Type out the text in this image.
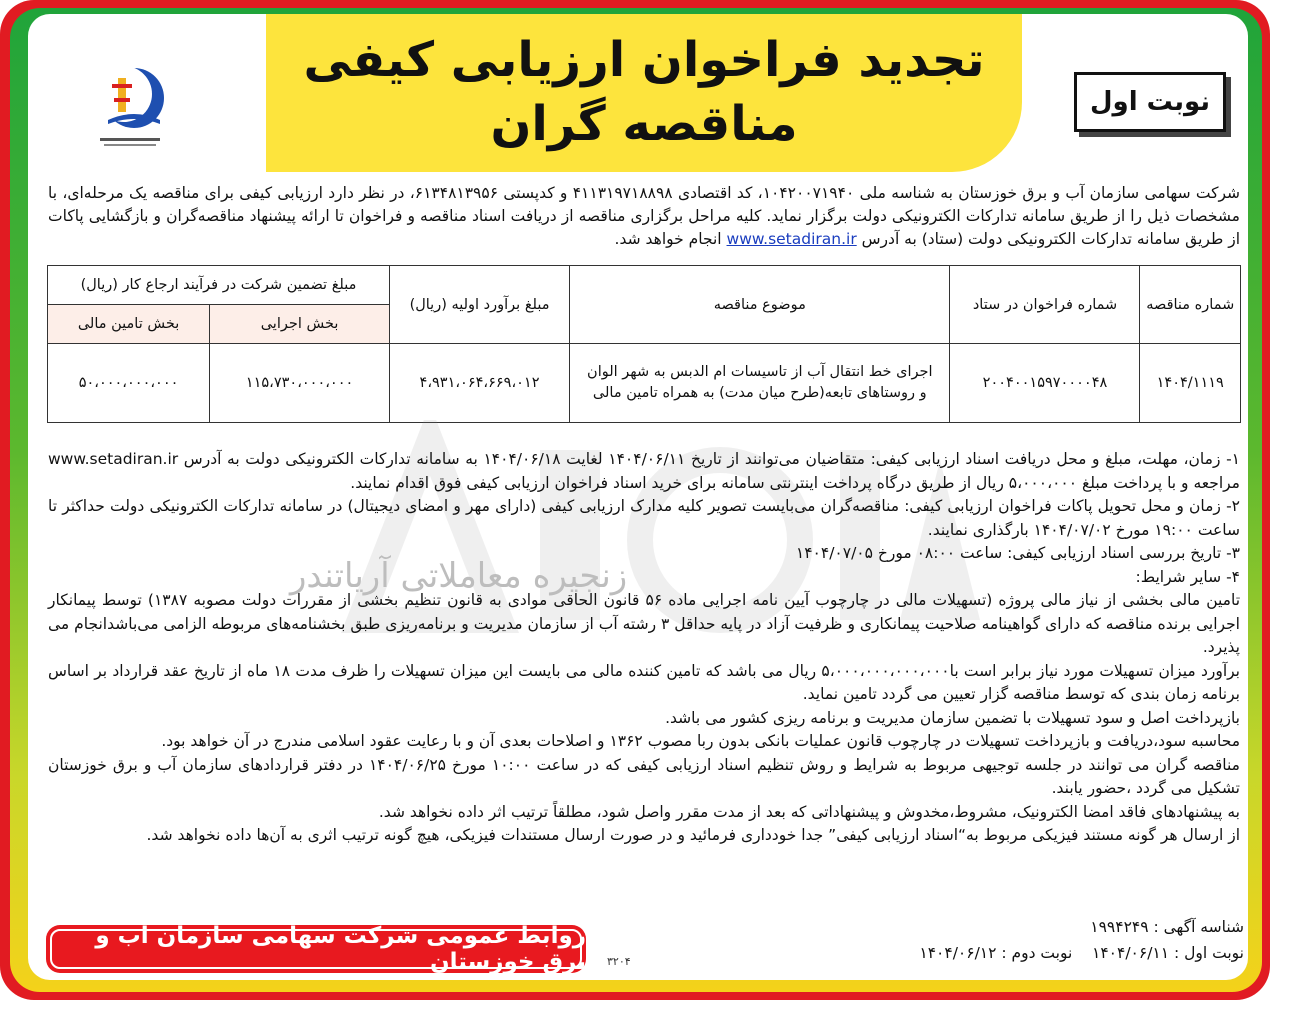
تجدید فراخوان ارزیابی کیفی
مناقصه گران	نوبت اول
شرکت سهامی سازمان آب و برق خوزستان به شناسه ملی ۱۰۴۲۰۰۷۱۹۴۰، کد اقتصادی ۴۱۱۳۱۹۷۱۸۸۹۸ و کدپستی ۶۱۳۴۸۱۳۹۵۶، در نظر دارد ارزیابی کیفی برای مناقصه یک مرحله‌ای، با مشخصات ذیل را از طریق سامانه تدارکات الکترونیکی دولت برگزار نماید. کلیه مراحل برگزاری مناقصه از دریافت اسناد مناقصه و فراخوان تا ارائه پیشنهاد مناقصه‌گران و بازگشایی پاکات از طریق سامانه تدارکات الکترونیکی دولت (ستاد) به آدرس www.setadiran.ir انجام خواهد شد.
شماره مناقصه	شماره فراخوان در ستاد	موضوع مناقصه	مبلغ برآورد اولیه (ریال)	مبلغ تضمین شرکت در فرآیند ارجاع کار (ریال)	
				بخش اجرایی	بخش تامین مالی
۱۴۰۴/۱۱۱۹	۲۰۰۴۰۰۱۵۹۷۰۰۰۰۴۸	اجرای خط انتقال آب از تاسیسات ام الدبس به شهر الوان و روستاهای تابعه(طرح میان مدت) به همراه تامین مالی	۴،۹۳۱،۰۶۴،۶۶۹،۰۱۲	۱۱۵،۷۳۰،۰۰۰،۰۰۰	۵۰،۰۰۰،۰۰۰،۰۰۰
زنجیره معاملاتی آریاتندر

۱- زمان، مهلت، مبلغ و محل دریافت اسناد ارزیابی کیفی: متقاضیان می‌توانند از تاریخ ۱۴۰۴/۰۶/۱۱ لغایت ۱۴۰۴/۰۶/۱۸ به سامانه تدارکات الکترونیکی دولت به آدرس www.setadiran.ir مراجعه و با پرداخت مبلغ ۵،۰۰۰،۰۰۰ ریال از طریق درگاه پرداخت اینترنتی سامانه برای خرید اسناد فراخوان ارزیابی کیفی فوق اقدام نمایند.

۲- زمان و محل تحویل پاکات فراخوان ارزیابی کیفی: مناقصه‌گران می‌بایست تصویر کلیه مدارک ارزیابی کیفی (دارای مهر و امضای دیجیتال) در سامانه تدارکات الکترونیکی دولت حداکثر تا ساعت ۱۹:۰۰ مورخ ۱۴۰۴/۰۷/۰۲ بارگذاری نمایند.

۳- تاریخ بررسی اسناد ارزیابی کیفی: ساعت ۰۸:۰۰ مورخ ۱۴۰۴/۰۷/۰۵

۴- سایر شرایط:

تامین مالی بخشی از نیاز مالی پروژه (تسهیلات مالی در چارچوب آیین نامه اجرایی ماده ۵۶ قانون الحاقی موادی به قانون تنظیم بخشی از مقررات دولت مصوبه ۱۳۸۷) توسط پیمانکار اجرایی برنده مناقصه که دارای گواهینامه صلاحیت پیمانکاری و ظرفیت آزاد در پایه حداقل ۳ رشته آب از سازمان مدیریت و برنامه‌ریزی طبق بخشنامه‌های مربوطه الزامی می‌باشدانجام می پذیرد.

برآورد میزان تسهیلات مورد نیاز برابر است با۵،۰۰۰،۰۰۰،۰۰۰،۰۰۰ ریال می باشد که تامین کننده مالی می بایست این میزان تسهیلات را ظرف مدت ۱۸ ماه از تاریخ عقد قرارداد بر اساس برنامه زمان بندی که توسط مناقصه گزار تعیین می گردد تامین نماید.

بازپرداخت اصل و سود تسهیلات با تضمین سازمان مدیریت و برنامه ریزی کشور می باشد.

محاسبه سود،دریافت و بازپرداخت تسهیلات در چارچوب قانون عملیات بانکی بدون ربا مصوب ۱۳۶۲ و اصلاحات بعدی آن و با رعایت عقود اسلامی مندرج در آن خواهد بود.

مناقصه گران می توانند در جلسه توجیهی مربوط به شرایط و روش تنظیم اسناد ارزیابی کیفی که در ساعت ۱۰:۰۰ مورخ ۱۴۰۴/۰۶/۲۵ در دفتر قراردادهای سازمان آب و برق خوزستان تشکیل می گردد ،حضور یابند.

به پیشنهادهای فاقد امضا الکترونیک، مشروط،مخدوش و پیشنهاداتی که بعد از مدت مقرر واصل شود، مطلقاً ترتیب اثر داده نخواهد شد.

از ارسال هر گونه مستند فیزیکی مربوط به“اسناد ارزیابی کیفی” جدا خودداری فرمائید و در صورت ارسال مستندات فیزیکی، هیچ گونه ترتیب اثری به آن‌ها داده نخواهد شد.

شناسه آگهی : ۱۹۹۴۲۴۹
نوبت اول : ۱۴۰۴/۰۶/۱۱    نوبت دوم : ۱۴۰۴/۰۶/۱۲
روابط عمومی شرکت سهامی سازمان آب و برق خوزستان ۳۲۰۴
